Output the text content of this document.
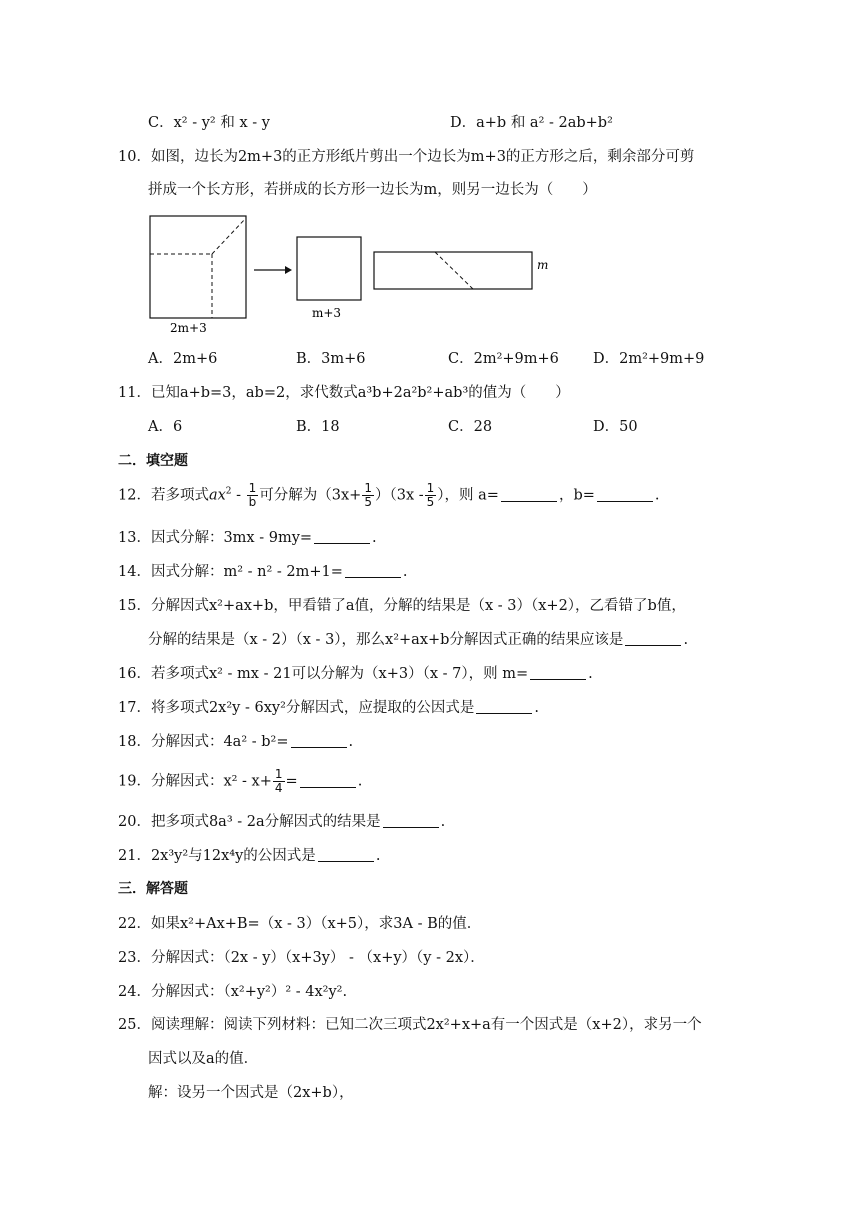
C．x² - y² 和 x - y	D．a+b 和 a² - 2ab+b²
10．如图，边长为2m+3的正方形纸片剪出一个边长为m+3的正方形之后，剩余部分可剪
拼成一个长方形，若拼成的长方形一边长为m，则另一边长为（　　）
2m+3
m+3
m
A．2m+6	B．3m+6	C．2m²+9m+6 D．2m²+9m+9
11．已知a+b=3，ab=2，求代数式a³b+2a²b²+ab³的值为（　　）
A．6	B．18	C．28	D．50
二．填空题
12．若多项式$ax^2 - \frac{1}{b}$ 可分解为$(3x+ \frac{1}{5} )(3x - \frac{1}{5}$ ），则 a=	，b=	.
13．因式分解：3mx - 9my=	.
14．因式分解：m² - n² - 2m+1=	.
15．分解因式x²+ax+b，甲看错了a值，分解的结果是（x - 3）（x+2），乙看错了b值，
分解的结果是（x - 2）（x - 3），那么x²+ax+b分解因式正确的结果应该是	.
16．若多项式x² - mx - 21可以分解为（x+3）（x - 7），则 m=	.
17．将多项式2x²y - 6xy²分解因式，应提取的公因式是	.
18．分解因式：4a² - b²=	.
19．分解因式：$x^2 - x+ \frac{1}{4}$ =	.
20．把多项式8a³ - 2a分解因式的结果是	.
21．2x³y²与12x⁴y的公因式是	.
三．解答题
22．如果x²+Ax+B=（x - 3）（x+5），求3A - B的值．
23．分解因式：（2x - y）（x+3y） - （x+y）（y - 2x）．
24．分解因式：（x²+y²）² - 4x²y².
25．阅读理解：阅读下列材料：已知二次三项式2x²+x+a有一个因式是（x+2），求另一个
因式以及a的值．
解：设另一个因式是（2x+b），
